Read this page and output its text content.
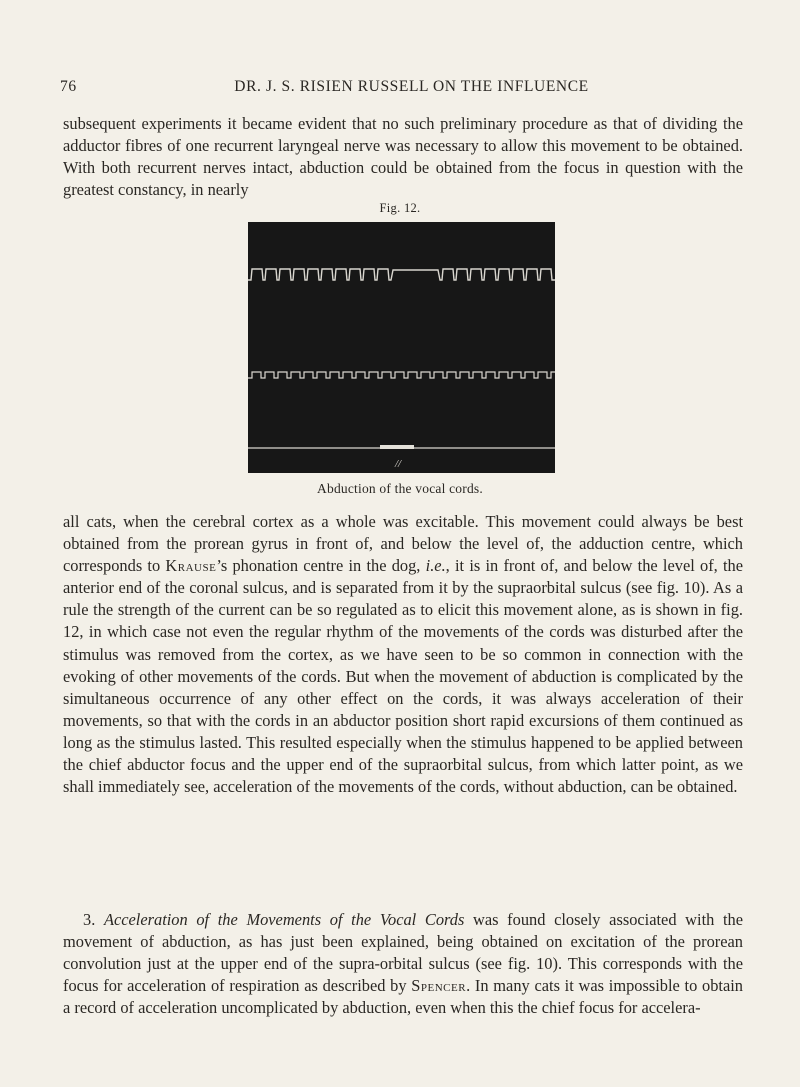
76	DR. J. S. RISIEN RUSSELL ON THE INFLUENCE

subsequent experiments it became evident that no such preliminary procedure as that of dividing the adductor fibres of one recurrent laryngeal nerve was necessary to allow this movement to be obtained. With both recurrent nerves intact, abduction could be obtained from the focus in question with the greatest constancy, in nearly

Fig. 12.
//
Abduction of the vocal cords.

all cats, when the cerebral cortex as a whole was excitable. This movement could always be best obtained from the prorean gyrus in front of, and below the level of, the adduction centre, which corresponds to Krause’s phonation centre in the dog, i.e., it is in front of, and below the level of, the anterior end of the coronal sulcus, and is separated from it by the supraorbital sulcus (see fig. 10). As a rule the strength of the current can be so regulated as to elicit this movement alone, as is shown in fig. 12, in which case not even the regular rhythm of the movements of the cords was disturbed after the stimulus was removed from the cortex, as we have seen to be so common in connection with the evoking of other movements of the cords. But when the movement of abduction is complicated by the simultaneous occurrence of any other effect on the cords, it was always acceleration of their movements, so that with the cords in an abductor position short rapid excursions of them continued as long as the stimulus lasted. This resulted especially when the stimulus happened to be applied between the chief abductor focus and the upper end of the supraorbital sulcus, from which latter point, as we shall immediately see, acceleration of the movements of the cords, without abduction, can be obtained.

3. Acceleration of the Movements of the Vocal Cords was found closely associated with the movement of abduction, as has just been explained, being obtained on excitation of the prorean convolution just at the upper end of the supra-orbital sulcus (see fig. 10). This corresponds with the focus for acceleration of respiration as described by Spencer. In many cats it was impossible to obtain a record of acceleration uncomplicated by abduction, even when this the chief focus for accelera-
